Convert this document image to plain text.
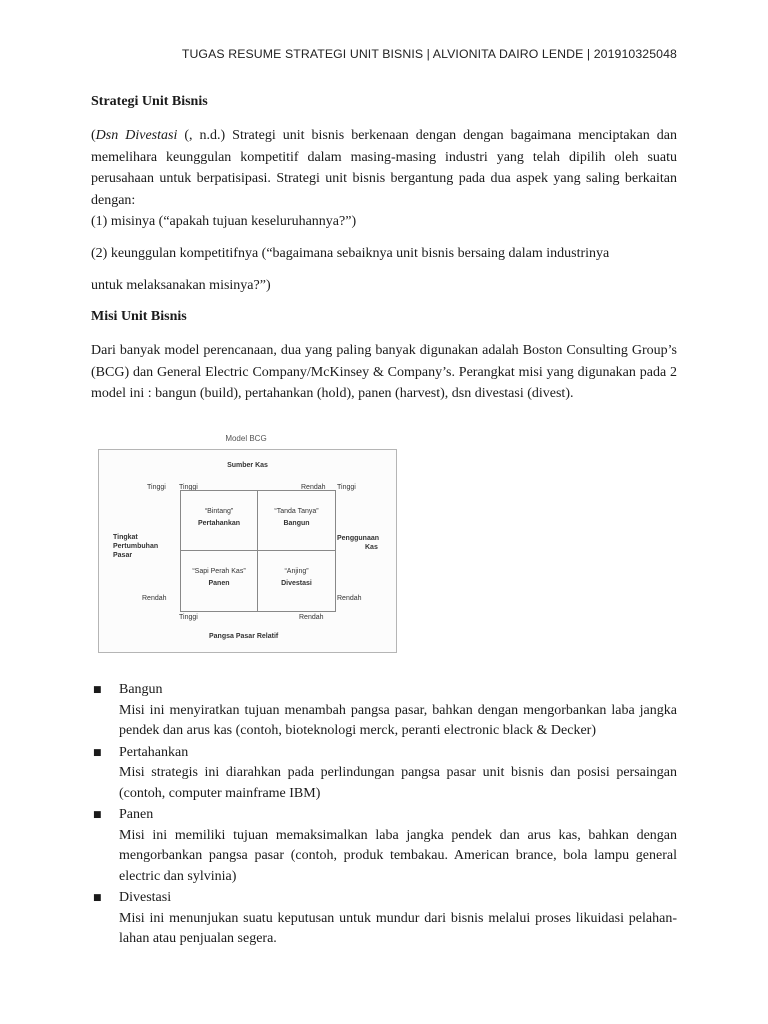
TUGAS RESUME STRATEGI UNIT BISNIS | ALVIONITA DAIRO LENDE | 201910325048

Strategi Unit Bisnis

(Dsn Divestasi (, n.d.) Strategi unit bisnis berkenaan dengan dengan bagaimana menciptakan dan memelihara keunggulan kompetitif dalam masing-masing industri yang telah dipilih oleh suatu perusahaan untuk berpatisipasi. Strategi unit bisnis bergantung pada dua aspek yang saling berkaitan dengan:

(1) misinya (“apakah tujuan keseluruhannya?”)

(2) keunggulan kompetitifnya (“bagaimana sebaiknya unit bisnis bersaing dalam industrinya

untuk melaksanakan misinya?”)

Misi Unit Bisnis

Dari banyak model perencanaan, dua yang paling banyak digunakan adalah Boston Consulting Group’s (BCG) dan General Electric Company/McKinsey & Company’s. Perangkat misi yang digunakan pada 2 model ini : bangun (build), pertahankan (hold), panen (harvest), dsn divestasi (divest).

Model BCG
Sumber Kas
Tinggi Tinggi	Rendah Tinggi
Tingkat
Pertumbuhan
Pasar
Penggunaan
Kas
Rendah	Rendah
“Bintang”
Pertahankan
“Tanda Tanya”
Bangun
“Sapi Perah Kas”
Panen
“Anjing”
Divestasi
Tinggi	Rendah
Pangsa Pasar Relatif
■ Bangun
Misi ini menyiratkan tujuan menambah pangsa pasar, bahkan dengan mengorbankan laba jangka pendek dan arus kas (contoh, bioteknologi merck, peranti electronic black & Decker)
■ Pertahankan
Misi strategis ini diarahkan pada perlindungan pangsa pasar unit bisnis dan posisi persaingan (contoh, computer mainframe IBM)
■ Panen
Misi ini memiliki tujuan memaksimalkan laba jangka pendek dan arus kas, bahkan dengan mengorbankan pangsa pasar (contoh, produk tembakau. American brance, bola lampu general electric dan sylvinia)
■ Divestasi
Misi ini menunjukan suatu keputusan untuk mundur dari bisnis melalui proses likuidasi pelahan-lahan atau penjualan segera.
